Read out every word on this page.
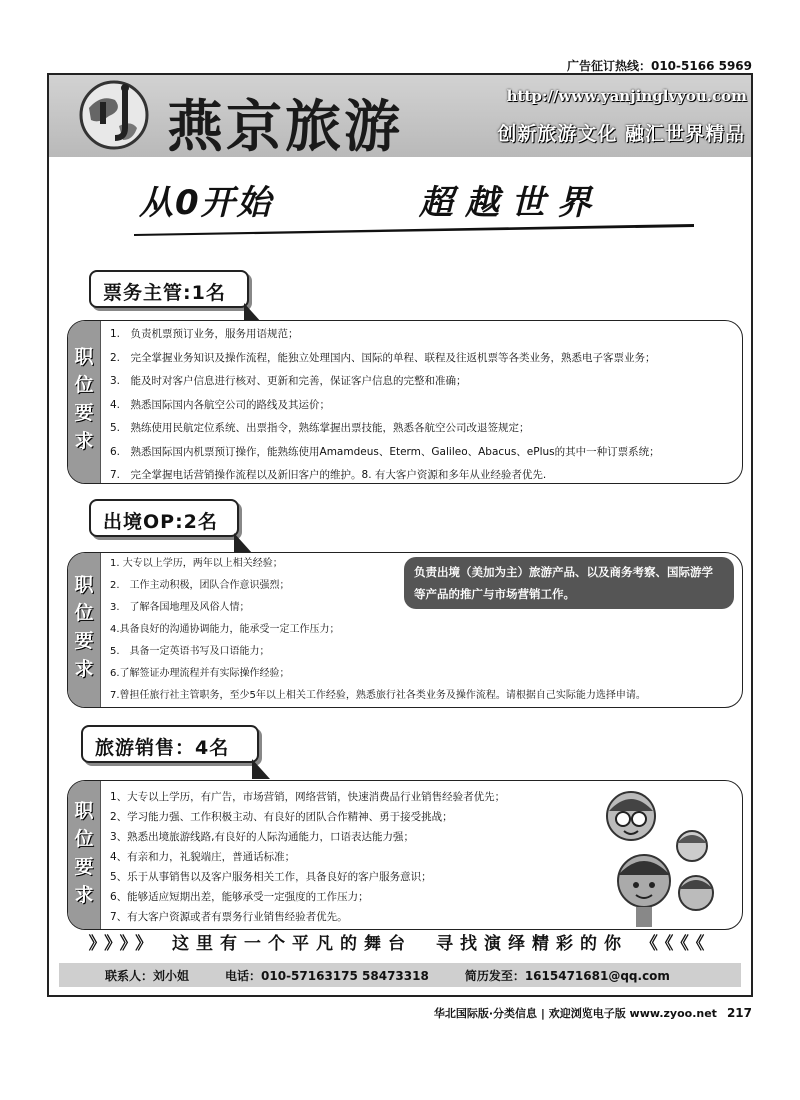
广告征订热线：010-5166 5969
燕京旅游	http://www.yanjinglvyou.com
创新旅游文化 融汇世界精品
从0开始	超越世界
票务主管:1名
职
位
要
求
1.　负责机票预订业务，服务用语规范；
2.　完全掌握业务知识及操作流程，能独立处理国内、国际的单程、联程及往返机票等各类业务，熟悉电子客票业务；
3.　能及时对客户信息进行核对、更新和完善，保证客户信息的完整和准确；
4.　熟悉国际国内各航空公司的路线及其运价；
5.　熟练使用民航定位系统、出票指令，熟练掌握出票技能，熟悉各航空公司改退签规定；
6.　熟悉国际国内机票预订操作，能熟练使用Amamdeus、Eterm、Galileo、Abacus、ePlus的其中一种订票系统；
7.　完全掌握电话营销操作流程以及新旧客户的维护。8. 有大客户资源和多年从业经验者优先.
出境OP:2名
职
位
要
求
负责出境（美加为主）旅游产品、以及商务考察、国际游学等产品的推广与市场营销工作。
1. 大专以上学历，两年以上相关经验；
2.　工作主动积极，团队合作意识强烈；
3.　了解各国地理及风俗人情；
4.具备良好的沟通协调能力，能承受一定工作压力；
5.　具备一定英语书写及口语能力；
6.了解签证办理流程并有实际操作经验；
7.曾担任旅行社主管职务，至少5年以上相关工作经验，熟悉旅行社各类业务及操作流程。请根据自己实际能力选择申请。
旅游销售：4名
职
位
要
求
1、大专以上学历，有广告，市场营销，网络营销，快速消费品行业销售经验者优先；
2、学习能力强、工作积极主动、有良好的团队合作精神、勇于接受挑战；
3、熟悉出境旅游线路,有良好的人际沟通能力，口语表达能力强；
4、有亲和力，礼貌端庄，普通话标准；
5、乐于从事销售以及客户服务相关工作，具备良好的客户服务意识；
6、能够适应短期出差，能够承受一定强度的工作压力；
7、有大客户资源或者有票务行业销售经验者优先。
》》》》 这里有一个平凡的舞台　寻找演绎精彩的你 《《《《
联系人：刘小姐	电话：010-57163175 58473318	简历发至：1615471681@qq.com
华北国际版·分类信息 | 欢迎浏览电子版 www.zyoo.net 217
